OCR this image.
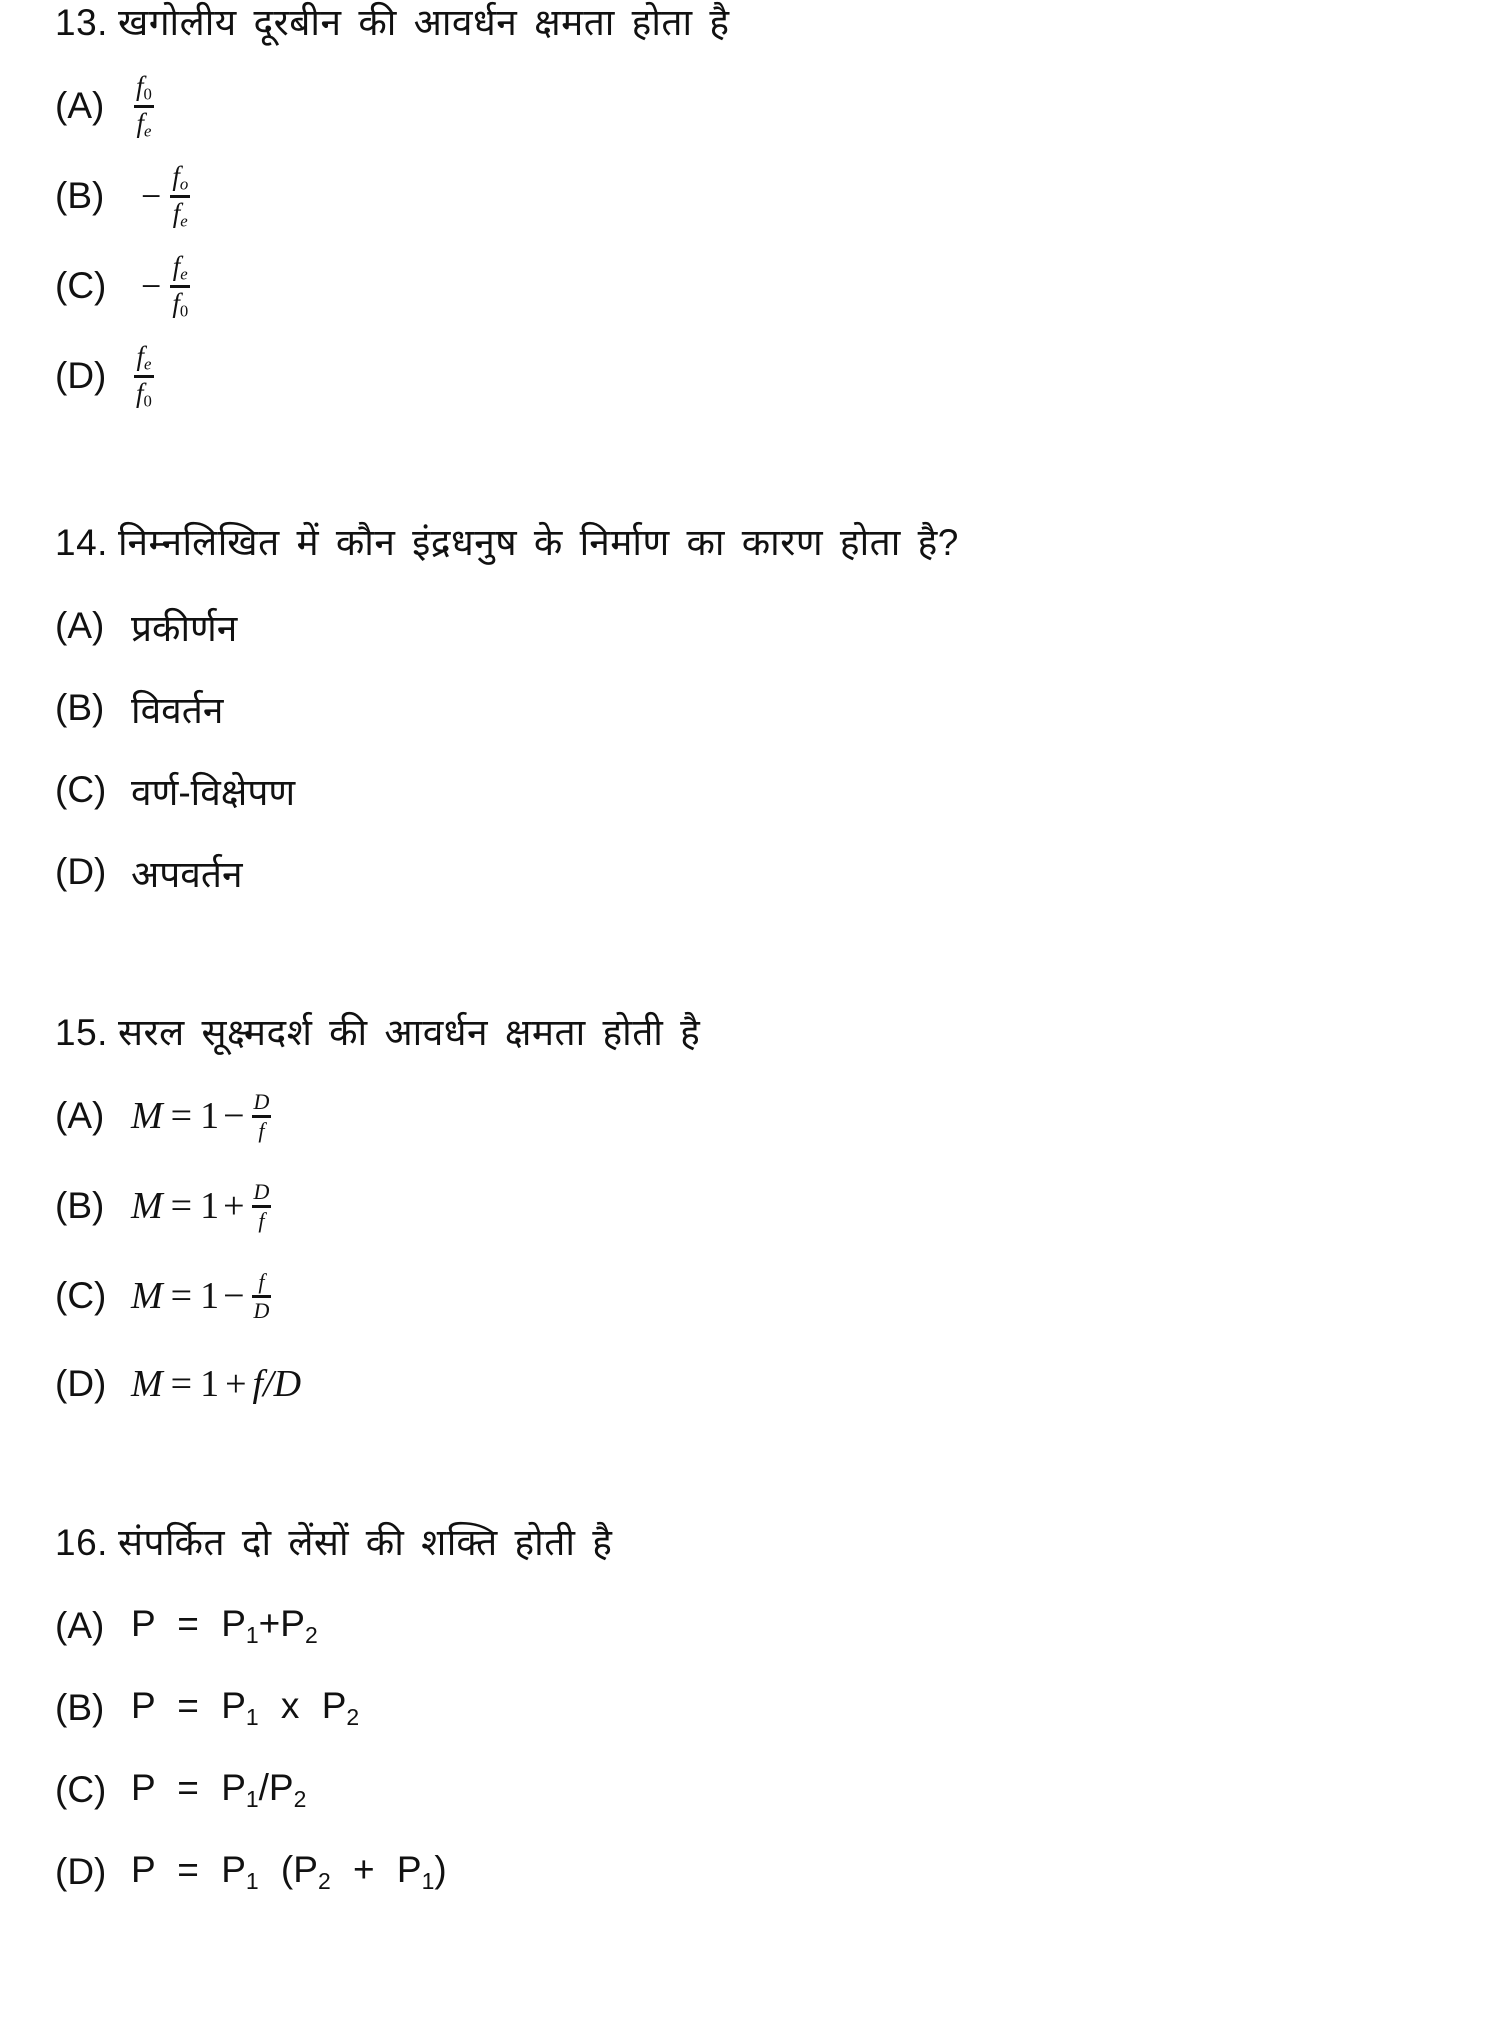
13. खगोलीय दूरबीन की आवर्धन क्षमता होता है
(A)	$\frac{f_0}{fe}$
(B)	− $\frac{fo}{fe}$
$(C) - \frac{fe}{f_0}$
(D)	$\frac{fe}{f_0}$
14. निम्नलिखित में कौन इंद्रधनुष के निर्माण का कारण होता है?
(A) प्रकीर्णन
(B) विवर्तन
(C) वर्ण-विक्षेपण
(D) अपवर्तन
15. सरल सूक्ष्मदर्श की आवर्धन क्षमता होती है
(A) $M = 1 - \frac{D}{f}$
(B) $M = 1 + \frac{D}{f}$
(C) $M = 1 - \frac{f}{D}$
(D) M = 1 + f/D
16. संपर्कित दो लेंसों की शक्ति होती है
(A) $P = P_1+P_2$
(B) $P = P_1$ x $P_2$
(C) $P = P_1/P_2$
(D) $P = P_1$ $(P_2 + P_1)$
